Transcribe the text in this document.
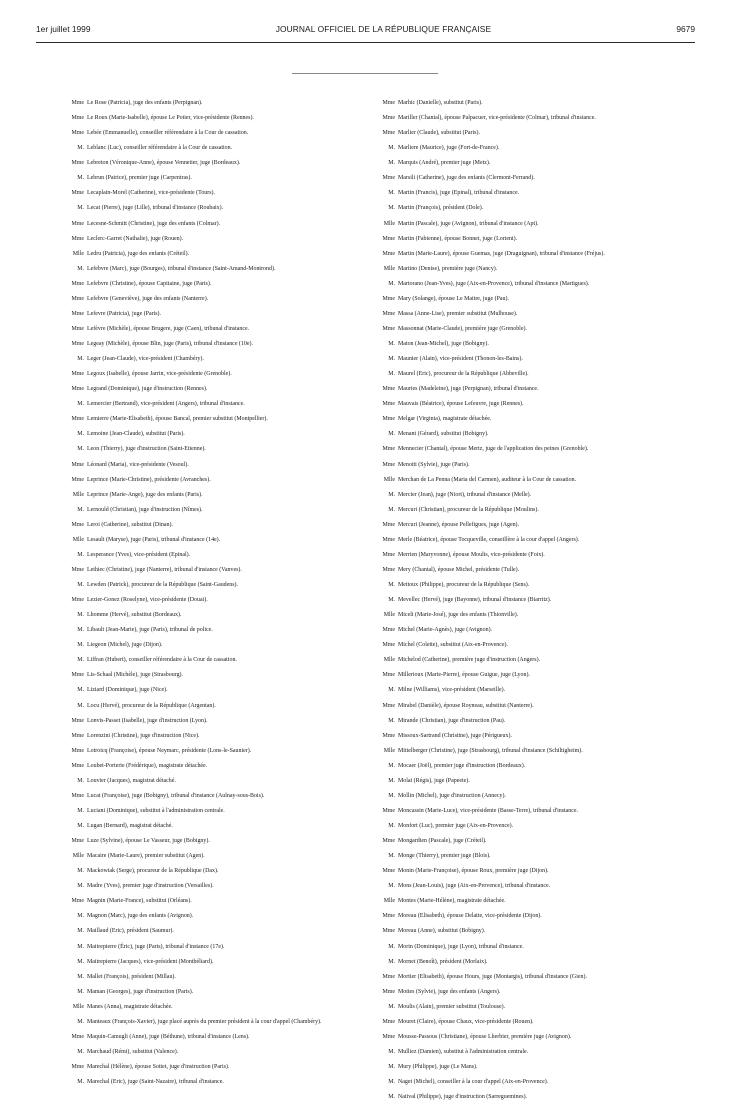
1er juillet 1999	JOURNAL OFFICIEL DE LA RÉPUBLIQUE FRANÇAISE	9679
Mme Le Rose (Patricia), juge des enfants (Perpignan).
Mme Le Roux (Marie-Isabelle), épouse Le Potier, vice-présidente (Rennes).
Mme Lebée (Emmanuelle), conseiller référendaire à la Cour de cassation.
M. Leblanc (Luc), conseiller référendaire à la Cour de cassation.
Mme Lebreton (Véronique-Anne), épouse Vennetier, juge (Bordeaux).
M. Lebrun (Patrice), premier juge (Carpentras).
Mme Lecaplain-Morel (Catherine), vice-présidente (Tours).
M. Lecat (Pierre), juge (Lille), tribunal d'instance (Roubaix).
Mme Lecesne-Schmitt (Christine), juge des enfants (Colmar).
Mme Leclerc-Garret (Nathalie), juge (Rouen).
Mlle Ledru (Patricia), juge des enfants (Créteil).
M. Lefebvre (Marc), juge (Bourges), tribunal d'instance (Saint-Amand-Montrond).
Mme Lefebvre (Christine), épouse Capitaine, juge (Paris).
Mme Lefebvre (Geneviève), juge des enfants (Nanterre).
Mme Lefevre (Patricia), juge (Paris).
Mme Lefèvre (Michèle), épouse Brugere, juge (Caen), tribunal d'instance.
Mme Legeay (Michèle), épouse Blin, juge (Paris), tribunal d'instance (10e).
M. Leger (Jean-Claude), vice-président (Chambéry).
Mme Legoux (Isabelle), épouse Jarrin, vice-présidente (Grenoble).
Mme Legrand (Dominique), juge d'instruction (Rennes).
M. Lemercier (Bertrand), vice-président (Angers), tribunal d'instance.
Mme Lemierre (Marie-Elisabeth), épouse Bancal, premier substitut (Montpellier).
M. Lemoine (Jean-Claude), substitut (Paris).
M. Leon (Thierry), juge d'instruction (Saint-Etienne).
Mme Léonard (Maria), vice-présidente (Vesoul).
Mme Leprince (Marie-Christine), présidente (Avranches).
Mlle Leprince (Marie-Ange), juge des enfants (Paris).
M. Lernould (Christian), juge d'instruction (Nîmes).
Mme Leroi (Catherine), substitut (Dinan).
Mlle Lesault (Maryse), juge (Paris), tribunal d'instance (14e).
M. Lesperance (Yves), vice-président (Epinal).
Mme Lethiec (Christine), juge (Nanterre), tribunal d'instance (Vanves).
M. Lewden (Patrick), procureur de la République (Saint-Gaudens).
Mme Lezier-Gonez (Roselyne), vice-présidente (Douai).
M. Lhomme (Hervé), substitut (Bordeaux).
M. Libault (Jean-Marie), juge (Paris), tribunal de police.
M. Liegeon (Michel), juge (Dijon).
M. Liffran (Hubert), conseiller référendaire à la Cour de cassation.
Mme Lis-Schaal (Michèle), juge (Strasbourg).
M. Liziard (Dominique), juge (Nice).
M. Locu (Hervé), procureur de la République (Argentan).
Mme Lonvis-Passet (Isabelle), juge d'instruction (Lyon).
Mme Lorenzini (Christine), juge d'instruction (Nice).
Mme Lotroicq (Françoise), épouse Neymarc, présidente (Lons-le-Saunier).
Mme Loubet-Porterie (Frédérique), magistrate détachée.
M. Louvier (Jacques), magistrat détaché.
Mme Lucat (Françoise), juge (Bobigny), tribunal d'instance (Aulnay-sous-Bois).
M. Luciani (Dominique), substitut à l'administration centrale.
M. Lugan (Bernard), magistrat détaché.
Mme Luze (Sylvine), épouse Le Vasseur, juge (Bobigny).
Mlle Macaire (Marie-Laure), premier substitut (Agen).
M. Mackowiak (Serge), procureur de la République (Dax).
M. Madre (Yves), premier juge d'instruction (Versailles).
Mme Magnin (Marie-France), substitut (Orléans).
M. Magnon (Marc), juge des enfants (Avignon).
M. Maillaud (Eric), président (Saumur).
M. Maitrepierre (Éric), juge (Paris), tribunal d'instance (17e).
M. Maitrepierre (Jacques), vice-président (Montbéliard).
M. Mallet (François), président (Millau).
M. Maman (Georges), juge d'instruction (Paris).
Mlle Manes (Anna), magistrate détachée.
M. Manteaux (François-Xavier), juge placé auprès du premier président à la cour d'appel (Chambéry).
Mme Maquin-Camugli (Anne), juge (Béthune), tribunal d'instance (Lens).
M. Marchaud (Rémi), substitut (Valence).
Mme Marechal (Hélène), épouse Sottet, juge d'instruction (Paris).
M. Marechal (Eric), juge (Saint-Nazaire), tribunal d'instance.
Mme Marhic (Danielle), substitut (Paris).
Mme Mariller (Chantal), épouse Palpacuer, vice-présidente (Colmar), tribunal d'instance.
Mme Marlier (Claude), substitut (Paris).
M. Marliere (Maurice), juge (Fort-de-France).
M. Marquis (André), premier juge (Metz).
Mme Marsili (Catherine), juge des enfants (Clermont-Ferrand).
M. Martin (Francis), juge (Epinal), tribunal d'instance.
M. Martin (François), président (Dole).
Mlle Martin (Pascale), juge (Avignon), tribunal d'instance (Apt).
Mme Martin (Fabienne), épouse Bonnet, juge (Lorient).
Mme Martin (Marie-Laure), épouse Guemas, juge (Draguignan), tribunal d'instance (Fréjus).
Mlle Martino (Denise), première juge (Nancy).
M. Martorano (Jean-Yves), juge (Aix-en-Provence), tribunal d'instance (Martigues).
Mme Mary (Solange), épouse Le Maitre, juge (Pau).
Mme Massa (Anne-Lise), premier substitut (Mulhouse).
Mme Massonnat (Marie-Claude), première juge (Grenoble).
M. Maton (Jean-Michel), juge (Bobigny).
M. Maunier (Alain), vice-président (Thonon-les-Bains).
M. Maurel (Eric), procureur de la République (Abbeville).
Mme Mauries (Madeleine), juge (Perpignan), tribunal d'instance.
Mme Mauvais (Béatrice), épouse Lefeuvre, juge (Rennes).
Mme Melgar (Virginia), magistrate détachée.
M. Menant (Gérard), substitut (Bobigny).
Mme Mennecier (Chantal), épouse Mertz, juge de l'application des peines (Grenoble).
Mme Menotti (Sylvie), juge (Paris).
Mlle Merchan de La Penna (Maria del Carmen), auditeur à la Cour de cassation.
M. Mercier (Jean), juge (Niort), tribunal d'instance (Melle).
M. Mercuri (Christian), procureur de la République (Moulins).
Mme Mercuri (Jeanne), épouse Pellefigues, juge (Agen).
Mme Merle (Béatrice), épouse Tocqueville, conseillère à la cour d'appel (Angers).
Mme Merrien (Maryvonne), épouse Moulis, vice-présidente (Foix).
Mme Mery (Chantal), épouse Michel, présidente (Tulle).
M. Mettoux (Philippe), procureur de la République (Sens).
M. Mevellec (Hervé), juge (Bayonne), tribunal d'instance (Biarritz).
Mlle Miceli (Marie-José), juge des enfants (Thionville).
Mme Michel (Marie-Agnès), juge (Avignon).
Mme Michel (Colette), substitut (Aix-en-Provence).
Mlle Michelod (Catherine), première juge d'instruction (Angers).
Mme Millerioux (Marie-Pierre), épouse Guigue, juge (Lyon).
M. Milne (Williams), vice-président (Marseille).
Mme Mirabel (Danièle), épouse Royneau, substitut (Nanterre).
M. Mirande (Christian), juge d'instruction (Pau).
Mme Missoux-Sartrand (Christine), juge (Périgueux).
Mlle Mittelberger (Christine), juge (Strasbourg), tribunal d'instance (Schiltigheim).
M. Mocaer (Joël), premier juge d'instruction (Bordeaux).
M. Molat (Régis), juge (Papeete).
M. Mollin (Michel), juge d'instruction (Annecy).
Mme Moncassin (Marie-Luce), vice-présidente (Basse-Terre), tribunal d'instance.
M. Monfort (Luc), premier juge (Aix-en-Provence).
Mme Mongardien (Pascale), juge (Créteil).
M. Monge (Thierry), premier juge (Blois).
Mme Monin (Marie-Françoise), épouse Roux, première juge (Dijon).
M. Mons (Jean-Louis), juge (Aix-en-Provence), tribunal d'instance.
Mlle Montes (Marie-Hélène), magistrate détachée.
Mme Moreau (Elisabeth), épouse Delatte, vice-présidente (Dijon).
Mme Moreau (Anne), substitut (Bobigny).
M. Morin (Dominique), juge (Lyon), tribunal d'instance.
M. Mornet (Benoît), président (Morlaix).
Mme Mortier (Elisabeth), épouse Hours, juge (Montargis), tribunal d'instance (Gien).
Mme Mottes (Sylvie), juge des enfants (Angers).
M. Moulis (Alain), premier substitut (Toulouse).
Mme Mouret (Claire), épouse Chaux, vice-présidente (Rouen).
Mme Mousse-Passous (Christiane), épouse Lherbier, première juge (Avignon).
M. Mulliez (Damien), substitut à l'administration centrale.
M. Mury (Philippe), juge (Le Mans).
M. Naget (Michel), conseiller à la cour d'appel (Aix-en-Provence).
M. Natival (Philippe), juge d'instruction (Sarreguemines).
